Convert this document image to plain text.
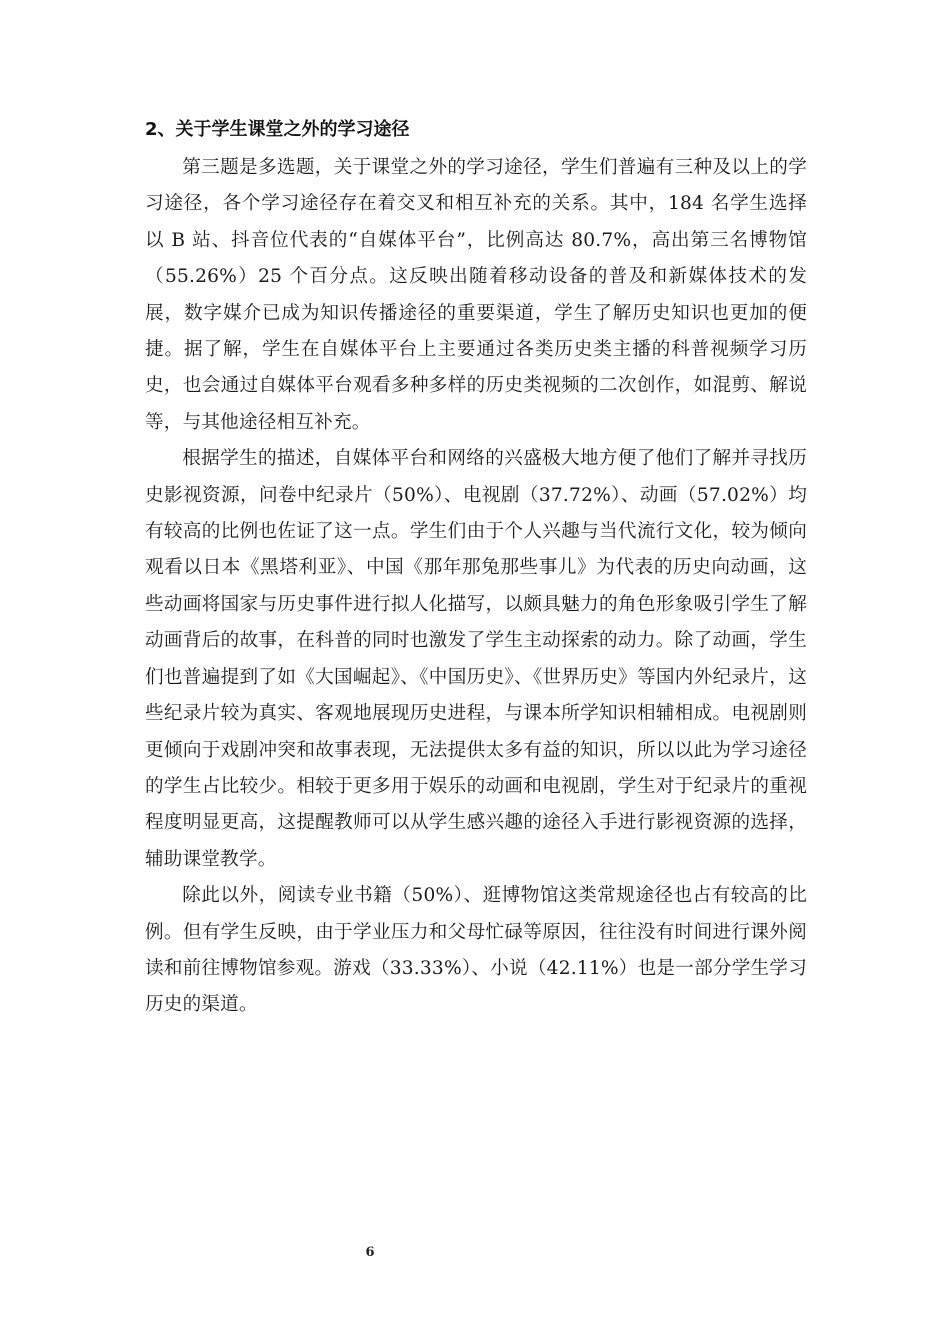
2、关于学生课堂之外的学习途径

第三题是多选题，关于课堂之外的学习途径，学生们普遍有三种及以上的学习途径，各个学习途径存在着交叉和相互补充的关系。其中，184 名学生选择以 B 站、抖音位代表的“自媒体平台”，比例高达 80.7%，高出第三名博物馆（55.26%）25 个百分点。这反映出随着移动设备的普及和新媒体技术的发展，数字媒介已成为知识传播途径的重要渠道，学生了解历史知识也更加的便捷。据了解，学生在自媒体平台上主要通过各类历史类主播的科普视频学习历史，也会通过自媒体平台观看多种多样的历史类视频的二次创作，如混剪、解说等，与其他途径相互补充。

根据学生的描述，自媒体平台和网络的兴盛极大地方便了他们了解并寻找历史影视资源，问卷中纪录片（50%）、电视剧（37.72%）、动画（57.02%）均有较高的比例也佐证了这一点。学生们由于个人兴趣与当代流行文化，较为倾向观看以日本《黑塔利亚》、中国《那年那兔那些事儿》为代表的历史向动画，这些动画将国家与历史事件进行拟人化描写，以颇具魅力的角色形象吸引学生了解动画背后的故事，在科普的同时也激发了学生主动探索的动力。除了动画，学生们也普遍提到了如《大国崛起》、《中国历史》、《世界历史》等国内外纪录片，这些纪录片较为真实、客观地展现历史进程，与课本所学知识相辅相成。电视剧则更倾向于戏剧冲突和故事表现，无法提供太多有益的知识，所以以此为学习途径的学生占比较少。相较于更多用于娱乐的动画和电视剧，学生对于纪录片的重视程度明显更高，这提醒教师可以从学生感兴趣的途径入手进行影视资源的选择，辅助课堂教学。

除此以外，阅读专业书籍（50%）、逛博物馆这类常规途径也占有较高的比例。但有学生反映，由于学业压力和父母忙碌等原因，往往没有时间进行课外阅读和前往博物馆参观。游戏（33.33%）、小说（42.11%）也是一部分学生学习历史的渠道。

6
